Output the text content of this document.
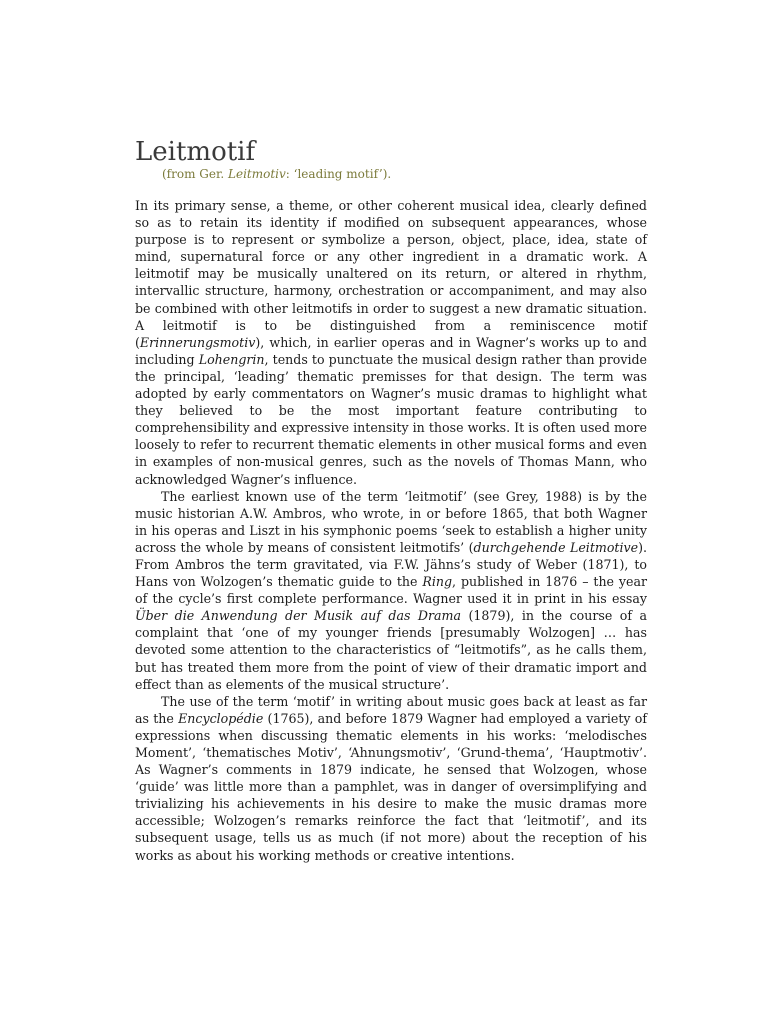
Leitmotif

(from Ger. Leitmotiv: ‘leading motif’).

In its primary sense, a theme, or other coherent musical idea, clearly defined so as to retain its identity if modified on subsequent appearances, whose purpose is to represent or symbolize a person, object, place, idea, state of mind, supernatural force or any other ingredient in a dramatic work. A leitmotif may be musically unaltered on its return, or altered in rhythm, intervallic structure, harmony, orchestration or accompaniment, and may also be combined with other leitmotifs in order to suggest a new dramatic situation. A leitmotif is to be distinguished from a reminiscence motif (Erinnerungsmotiv), which, in earlier operas and in Wagner’s works up to and including Lohengrin, tends to punctuate the musical design rather than provide the principal, ‘leading’ thematic premisses for that design. The term was adopted by early commentators on Wagner’s music dramas to highlight what they believed to be the most important feature contributing to comprehensibility and expressive intensity in those works. It is often used more loosely to refer to recurrent thematic elements in other musical forms and even in examples of non-musical genres, such as the novels of Thomas Mann, who acknowledged Wagner’s influence.

The earliest known use of the term ‘leitmotif’ (see Grey, 1988) is by the music historian A.W. Ambros, who wrote, in or before 1865, that both Wagner in his operas and Liszt in his symphonic poems ‘seek to establish a higher unity across the whole by means of consistent leitmotifs’ (durchgehende Leitmotive). From Ambros the term gravitated, via F.W. Jähns’s study of Weber (1871), to Hans von Wolzogen’s thematic guide to the Ring, published in 1876 – the year of the cycle’s first complete performance. Wagner used it in print in his essay Über die Anwendung der Musik auf das Drama (1879), in the course of a complaint that ‘one of my younger friends [presumably Wolzogen] … has devoted some attention to the characteristics of “leitmotifs”, as he calls them, but has treated them more from the point of view of their dramatic import and effect than as elements of the musical structure’.

The use of the term ‘motif’ in writing about music goes back at least as far as the Encyclopédie (1765), and before 1879 Wagner had employed a variety of expressions when discussing thematic elements in his works: ‘melodisches Moment’, ‘thematisches Motiv’, ‘Ahnungsmotiv’, ‘Grund-thema’, ‘Hauptmotiv’. As Wagner’s comments in 1879 indicate, he sensed that Wolzogen, whose ‘guide’ was little more than a pamphlet, was in danger of oversimplifying and trivializing his achievements in his desire to make the music dramas more accessible; Wolzogen’s remarks reinforce the fact that ‘leitmotif’, and its subsequent usage, tells us as much (if not more) about the reception of his works as about his working methods or creative intentions.
